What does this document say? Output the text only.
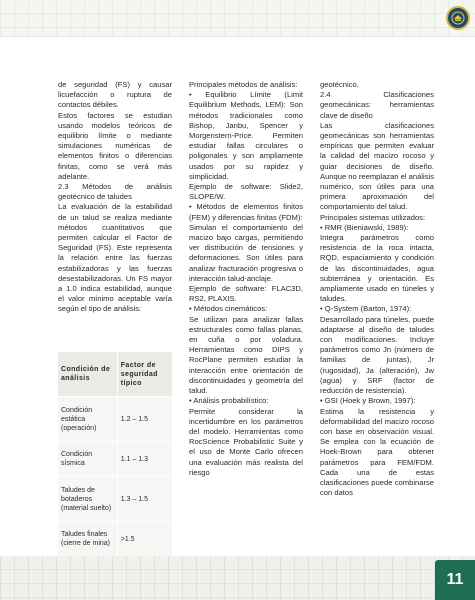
de seguridad (FS) y causar licuefacción o ruptura de contactos débiles.

Estos factores se estudian usando modelos teóricos de equilibrio límite o mediante simulaciones numéricas de elementos finitos o diferencias finitas, como se verá más adelante.

2.3 Métodos de análisis geotécnico de taludes

La evaluación de la estabilidad de un talud se realiza mediante métodos cuantitativos que permiten calcular el Factor de Seguridad (FS). Este representa la relación entre las fuerzas estabilizadoras y las fuerzas desestabilizadoras. Un FS mayor a 1.0 indica estabilidad, aunque el valor mínimo aceptable varía según el tipo de análisis:

Condición de análisis	Factor de seguridad típico
Condición estática (operación)	1.2 – 1.5
Condición sísmica	1.1 – 1.3
Taludes de botaderos (material suelto)	1.3 – 1.5
Taludes finales (cierre de mina)	>1.5

Principales métodos de análisis:

• Equilibrio Límite (Limit Equilibrium Methods, LEM): Son métodos tradicionales como Bishop, Janbu, Spencer y Morgenstern-Price. Permiten estudiar fallas circulares o poligonales y son ampliamente usados por su rapidez y simplicidad.

Ejemplo de software: Slide2, SLOPE/W.

• Métodos de elementos finitos (FEM) y diferencias finitas (FDM):

Simulan el comportamiento del macizo bajo cargas, permitiendo ver distribución de tensiones y deformaciones. Son útiles para analizar fracturación progresiva o interacción talud-anclaje.

Ejemplo de software: FLAC3D, RS2, PLAXIS.

• Métodos cinemáticos:

Se utilizan para analizar fallas estructurales como fallas planas, en cuña o por voladura. Herramientas como DIPS y RocPlane permiten estudiar la interacción entre orientación de discontinuidades y geometría del talud.

• Análisis probabilístico:

Permite considerar la incertidumbre en los parámetros del modelo. Herramientas como RocScience Probabilistic Suite y el uso de Monte Carlo ofrecen una evaluación más realista del riesgo

geotécnico.

2.4 Clasificaciones geomecánicas: herramientas clave de diseño

Las clasificaciones geomecánicas son herramientas empíricas que permiten evaluar la calidad del macizo rocoso y guiar decisiones de diseño. Aunque no reemplazan el análisis numérico, son útiles para una primera aproximación del comportamiento del talud.

Principales sistemas utilizados:

• RMR (Bieniawski, 1989):

Integra parámetros como resistencia de la roca intacta, RQD, espaciamiento y condición de las discontinuidades, agua subterránea y orientación. Es ampliamente usado en túneles y taludes.

• Q-System (Barton, 1974):

Desarrollado para túneles, puede adaptarse al diseño de taludes con modificaciones. Incluye parámetros como Jn (número de familias de juntas), Jr (rugosidad), Ja (alteración), Jw (agua) y SRF (factor de reducción de resistencia).

• GSI (Hoek y Brown, 1997):

Estima la resistencia y deformabilidad del macizo rocoso con base en observación visual. Se emplea con la ecuación de Hoek-Brown para obtener parámetros para FEM/FDM. Cada una de estas clasificaciones puede combinarse con datos

11
